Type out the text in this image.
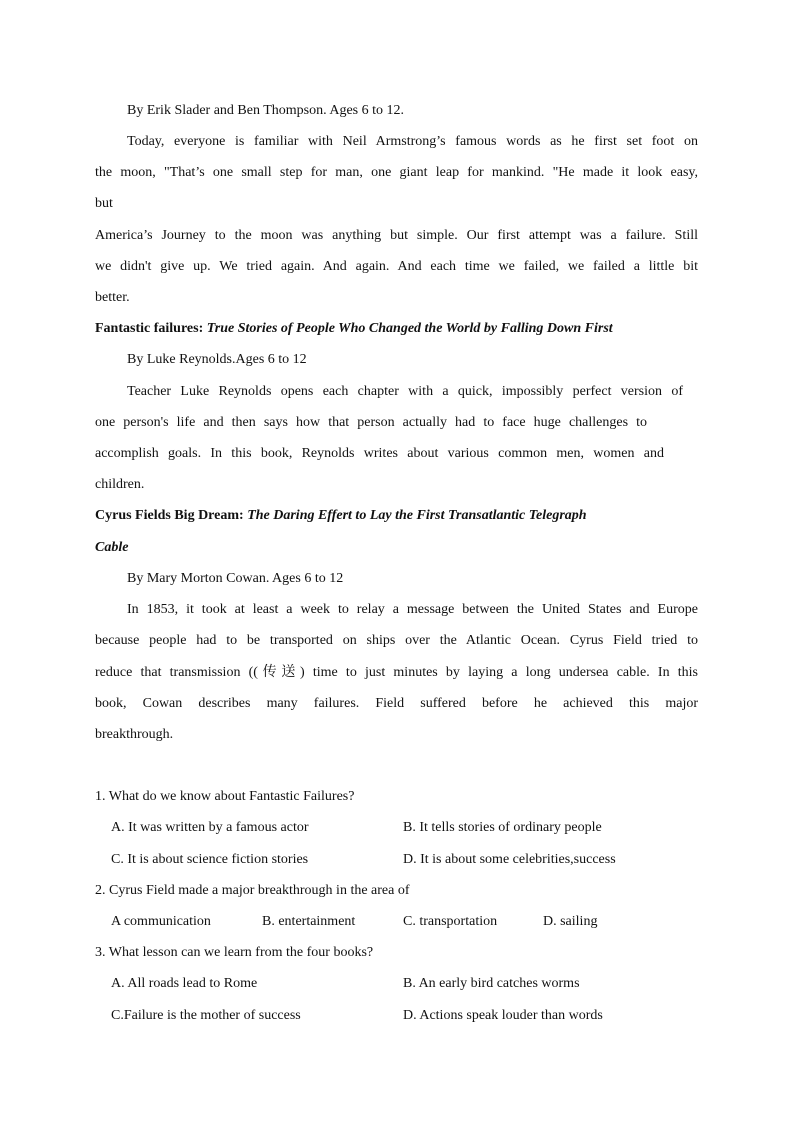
By Erik Slader and Ben Thompson. Ages 6 to 12.
Today, everyone is familiar with Neil Armstrong’s famous words as he first set foot on
the moon, "That’s one small step for man, one giant leap for mankind. "He made it look easy,
but
America’s Journey to the moon was anything but simple. Our first attempt was a failure. Still
we didn't give up. We tried again. And again. And each time we failed, we failed a little bit
better.
Fantastic failures: True Stories of People Who Changed the World by Falling Down First
By Luke Reynolds.Ages 6 to 12
Teacher Luke Reynolds opens each chapter with a quick, impossibly perfect version of
one person's life and then says how that person actually had to face huge challenges to
accomplish goals. In this book, Reynolds writes about various common men, women and
children.
Cyrus Fields Big Dream: The Daring Effert to Lay the First Transatlantic Telegraph
Cable
By Mary Morton Cowan. Ages 6 to 12
In 1853, it took at least a week to relay a message between the United States and Europe
because people had to be transported on ships over the Atlantic Ocean. Cyrus Field tried to
reduce that transmission ((传送) time to just minutes by laying a long undersea cable. In this
book, Cowan describes many failures. Field suffered before he achieved this major
breakthrough.
1. What do we know about Fantastic Failures?
A. It was written by a famous actor	B. It tells stories of ordinary people
C. It is about science fiction stories	D. It is about some celebrities,success
2. Cyrus Field made a major breakthrough in the area of
A communication	B. entertainment	C. transportation	D. sailing
3. What lesson can we learn from the four books?
A. All roads lead to Rome	B. An early bird catches worms
C.Failure is the mother of success	D. Actions speak louder than words
